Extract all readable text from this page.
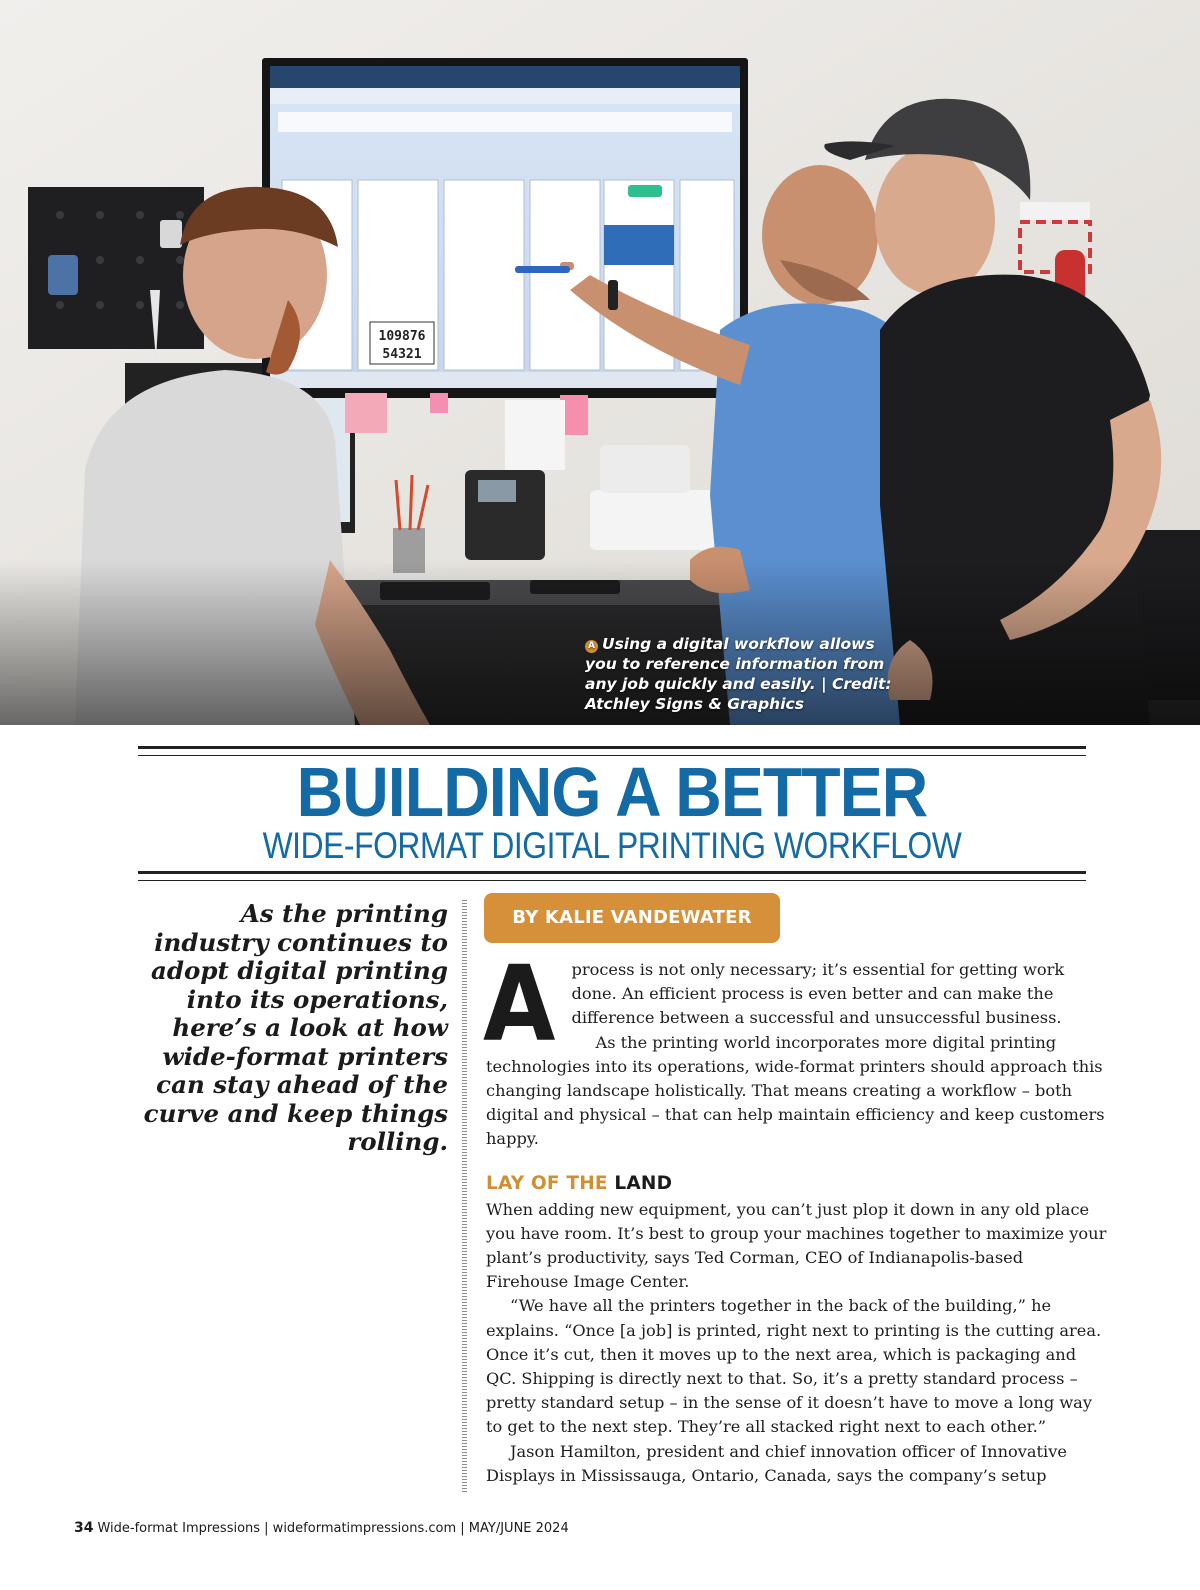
109876
54321
A Using a digital workflow allows you to reference information from any job quickly and easily. | Credit: Atchley Signs & Graphics
BUILDING A BETTER
WIDE-FORMAT DIGITAL PRINTING WORKFLOW
As the printing industry continues to adopt digital printing into its operations, here’s a look at how wide-format printers can stay ahead of the curve and keep things rolling.
BY KALIE VANDEWATER

Aprocess is not only necessary; it’s essential for getting work done. An efficient process is even better and can make the difference between a successful and unsuccessful business.

As the printing world incorporates more digital printing technologies into its operations, wide-format printers should approach this changing landscape holistically. That means creating a workflow – both digital and physical – that can help maintain efficiency and keep customers happy.

LAY OF THE LAND

When adding new equipment, you can’t just plop it down in any old place you have room. It’s best to group your machines together to maximize your plant’s productivity, says Ted Corman, CEO of Indianapolis-based Firehouse Image Center.

“We have all the printers together in the back of the building,” he explains. “Once [a job] is printed, right next to printing is the cutting area. Once it’s cut, then it moves up to the next area, which is packaging and QC. Shipping is directly next to that. So, it’s a pretty standard process – pretty standard setup – in the sense of it doesn’t have to move a long way to get to the next step. They’re all stacked right next to each other.”

Jason Hamilton, president and chief innovation officer of Innovative Displays in Mississauga, Ontario, Canada, says the company’s setup

34 Wide-format Impressions | wideformatimpressions.com | MAY/JUNE 2024
